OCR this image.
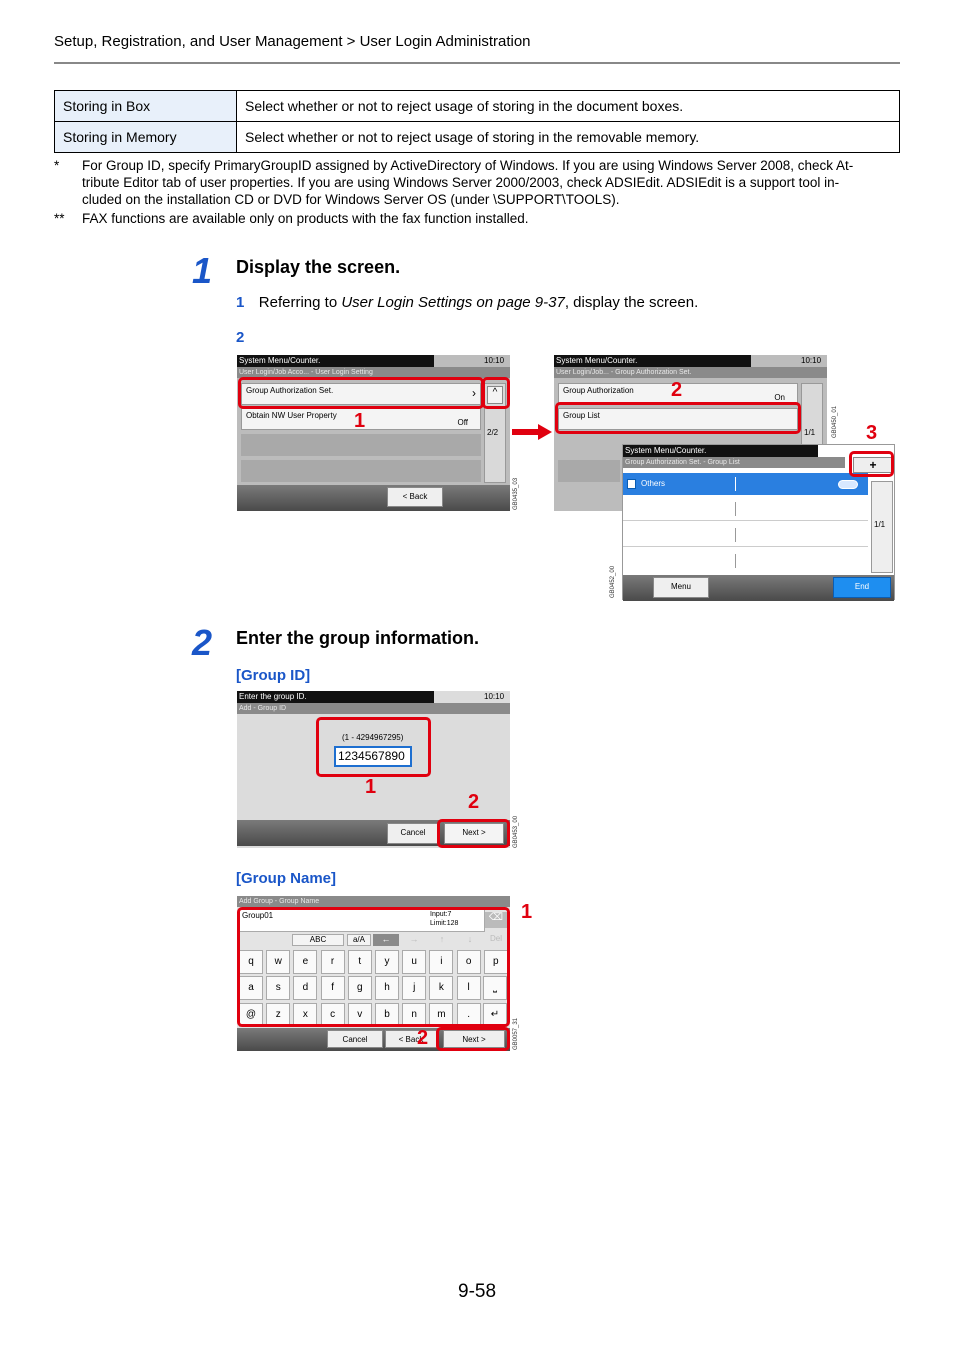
Setup, Registration, and User Management > User Login Administration
Storing in Box	Select whether or not to reject usage of storing in the document boxes.
Storing in Memory	Select whether or not to reject usage of storing in the removable memory.
* For Group ID, specify PrimaryGroupID assigned by ActiveDirectory of Windows. If you are using Windows Server 2008, check At-
tribute Editor tab of user properties. If you are using Windows Server 2000/2003, check ADSIEdit. ADSIEdit is a support tool in-
cluded on the installation CD or DVD for Windows Server OS (under \SUPPORT\TOOLS).
** FAX functions are available only on products with the fax function installed.
1 Display the screen.
1 Referring to User Login Settings on page 9-37, display the screen.
2
System Menu/Counter.	10:10
User Login/Job Acco... - User Login Setting
Group Authorization Set.	›
Obtain NW User Property
Off
^
2/2
< Back
1
GB0435_03
System Menu/Counter.	10:10
User Login/Job... - Group Authorization Set.
Group Authorization
On
Group List
1/1
2
GB0450_01 3
System Menu/Counter.
Group Authorization Set. - Group List
Others
1/1
Menu	End
+
GB0452_00
2 Enter the group information.
[Group ID]
Enter the group ID.	10:10
Add - Group ID
(1 - 4294967295)
1234567890
Cancel	Next >
1
2
GB0453_00
[Group Name]
Add Group - Group Name
Group01	Input:7
Limit:128
⌫
ABC	a/A	←	→	↑	↓	Del
q	w	e	r	t	y	u	i	o	p
a	s	d	f	g	h	j	k	l
@	z	x	c	v	b	n	m	.
⎵
↵
Cancel	< Back	Next >
2
1
GB0057_31
9-58
